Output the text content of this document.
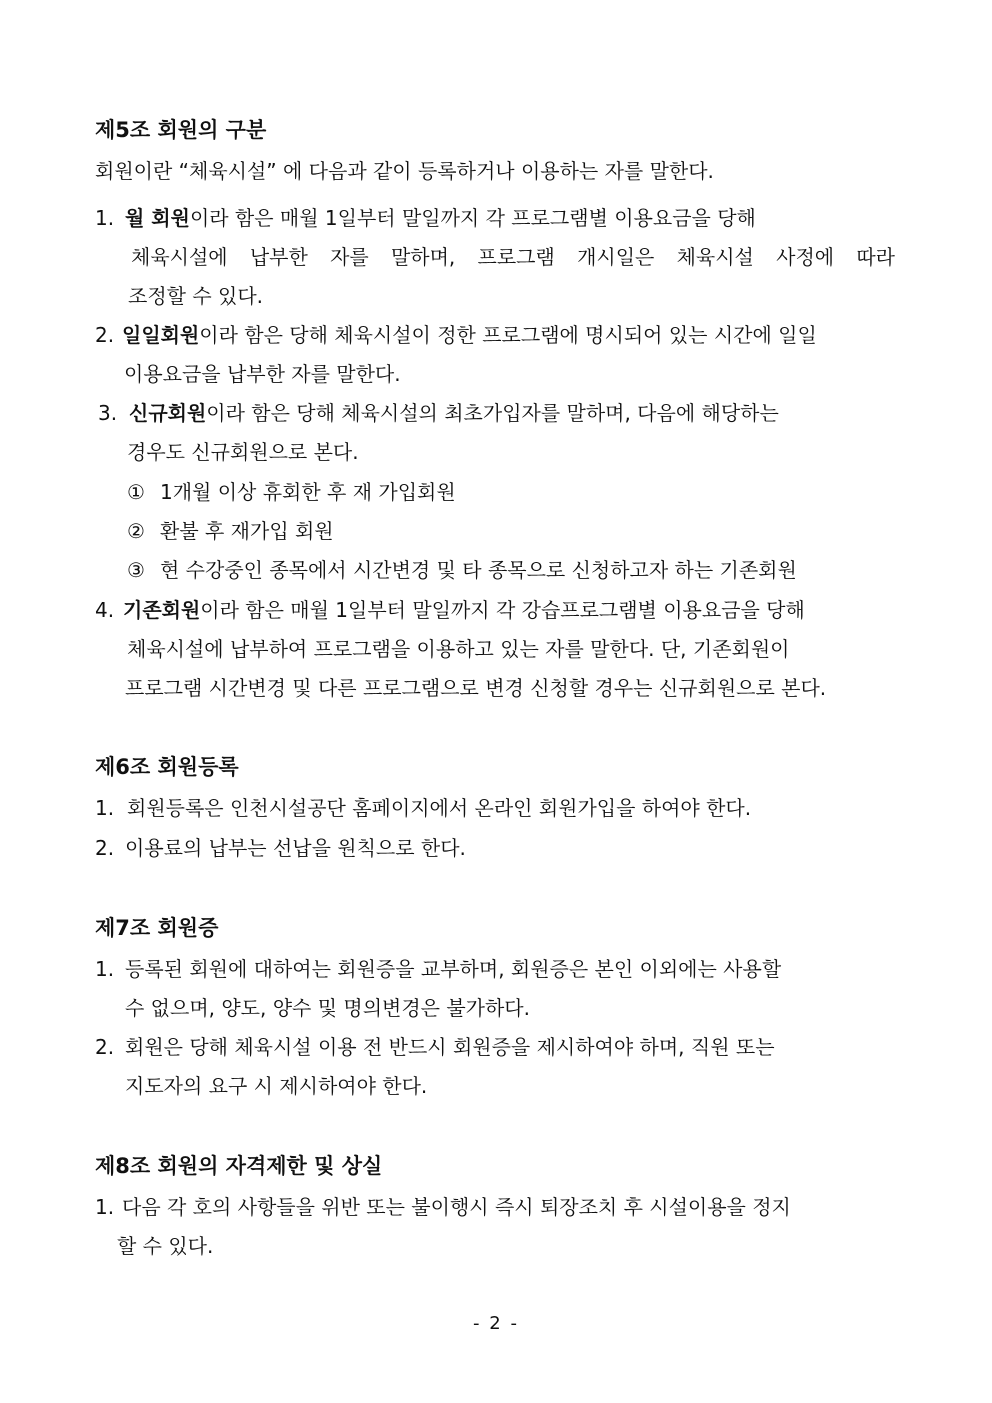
제5조 회원의 구분
회원이란 “체육시설” 에 다음과 같이 등록하거나 이용하는 자를 말한다.
1. 월 회원이라 함은 매월 1일부터 말일까지 각 프로그램별 이용요금을 당해
체육시설에 납부한 자를 말하며, 프로그램 개시일은 체육시설 사정에 따라
조정할 수 있다.
2. 일일회원이라 함은 당해 체육시설이 정한 프로그램에 명시되어 있는 시간에 일일
이용요금을 납부한 자를 말한다.
3. 신규회원이라 함은 당해 체육시설의 최초가입자를 말하며, 다음에 해당하는
경우도 신규회원으로 본다.
① 1개월 이상 휴회한 후 재 가입회원
② 환불 후 재가입 회원
③ 현 수강중인 종목에서 시간변경 및 타 종목으로 신청하고자 하는 기존회원
4. 기존회원이라 함은 매월 1일부터 말일까지 각 강습프로그램별 이용요금을 당해
체육시설에 납부하여 프로그램을 이용하고 있는 자를 말한다. 단, 기존회원이
프로그램 시간변경 및 다른 프로그램으로 변경 신청할 경우는 신규회원으로 본다.
제6조 회원등록
1. 회원등록은 인천시설공단 홈페이지에서 온라인 회원가입을 하여야 한다.
2. 이용료의 납부는 선납을 원칙으로 한다.
제7조 회원증
1. 등록된 회원에 대하여는 회원증을 교부하며, 회원증은 본인 이외에는 사용할
수 없으며, 양도, 양수 및 명의변경은 불가하다.
2. 회원은 당해 체육시설 이용 전 반드시 회원증을 제시하여야 하며, 직원 또는
지도자의 요구 시 제시하여야 한다.
제8조 회원의 자격제한 및 상실
1. 다음 각 호의 사항들을 위반 또는 불이행시 즉시 퇴장조치 후 시설이용을 정지
할 수 있다.
- 2 -
